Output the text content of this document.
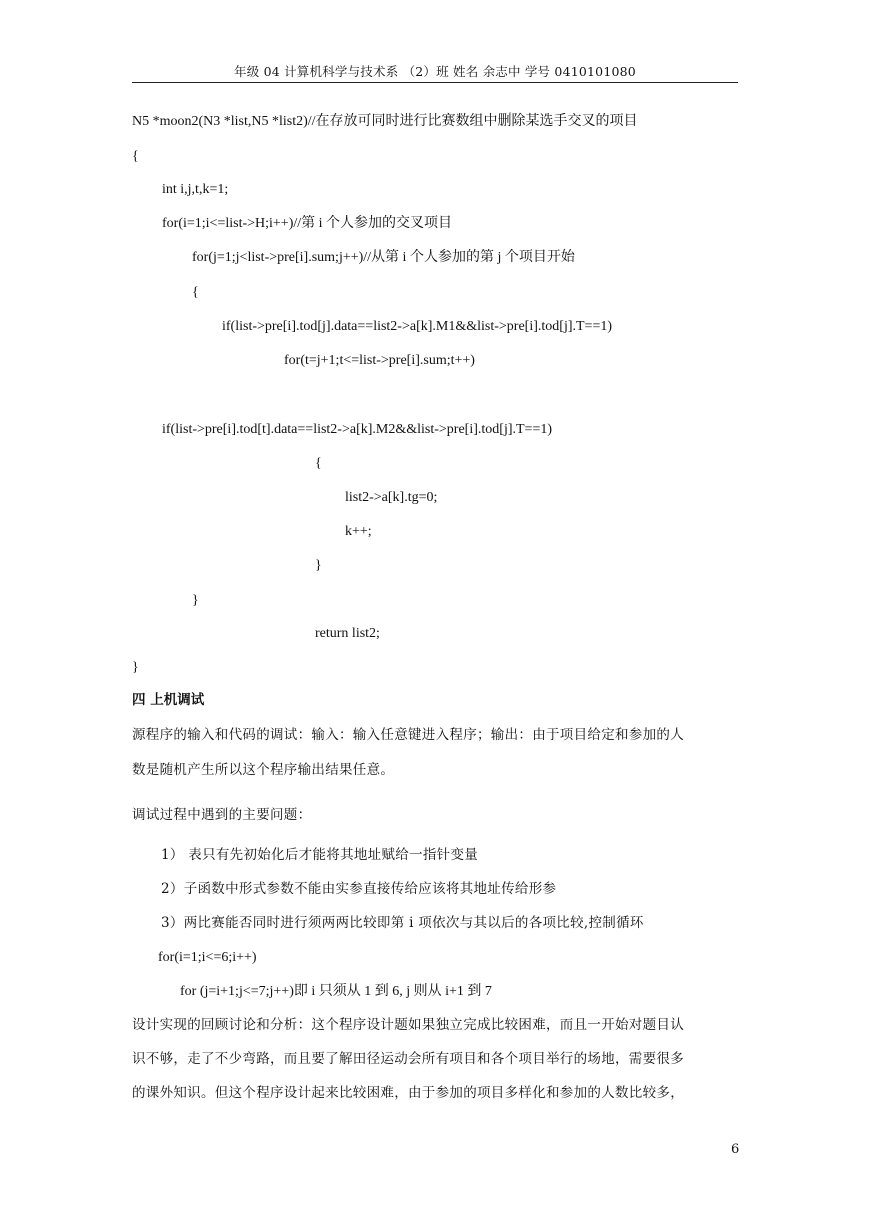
年级 04 计算机科学与技术系 （2）班 姓名 余志中 学号 0410101080
N5 *moon2(N3 *list,N5 *list2)//在存放可同时进行比赛数组中删除某选手交叉的项目
{
int i,j,t,k=1;
for(i=1;i<=list->H;i++)//第 i 个人参加的交叉项目
for(j=1;j<list->pre[i].sum;j++)//从第 i 个人参加的第 j 个项目开始
{
if(list->pre[i].tod[j].data==list2->a[k].M1&&list->pre[i].tod[j].T==1)
for(t=j+1;t<=list->pre[i].sum;t++)
if(list->pre[i].tod[t].data==list2->a[k].M2&&list->pre[i].tod[j].T==1)
{
list2->a[k].tg=0;
k++;
}
}
return list2;
}
四 上机调试
源程序的输入和代码的调试：输入：输入任意键进入程序；输出：由于项目给定和参加的人
数是随机产生所以这个程序输出结果任意。
调试过程中遇到的主要问题：
1） 表只有先初始化后才能将其地址赋给一指针变量
2）子函数中形式参数不能由实参直接传给应该将其地址传给形参
3）两比赛能否同时进行须两两比较即第 i 项依次与其以后的各项比较,控制循环
for(i=1;i<=6;i++)
for (j=i+1;j<=7;j++)即 i 只须从 1 到 6, j 则从 i+1 到 7
设计实现的回顾讨论和分析：这个程序设计题如果独立完成比较困难，而且一开始对题目认
识不够，走了不少弯路，而且要了解田径运动会所有项目和各个项目举行的场地，需要很多
的课外知识。但这个程序设计起来比较困难，由于参加的项目多样化和参加的人数比较多，
6
